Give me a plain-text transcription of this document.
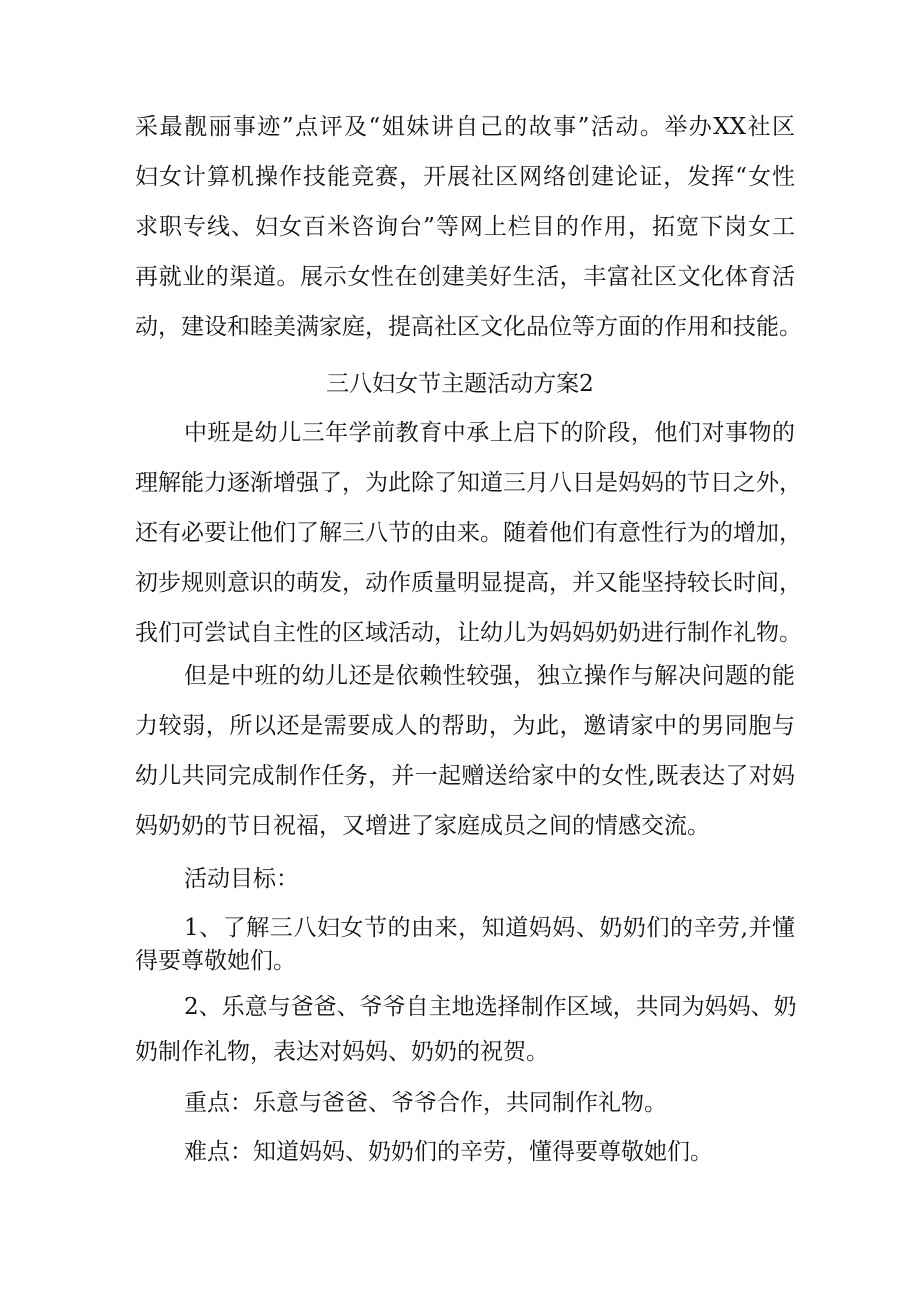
采最靓丽事迹”点评及“姐妹讲自己的故事”活动。举办XX社区
妇女计算机操作技能竞赛，开展社区网络创建论证，发挥“女性
求职专线、妇女百米咨询台”等网上栏目的作用，拓宽下岗女工
再就业的渠道。展示女性在创建美好生活，丰富社区文化体育活
动，建设和睦美满家庭，提高社区文化品位等方面的作用和技能。
三八妇女节主题活动方案2
中班是幼儿三年学前教育中承上启下的阶段，他们对事物的
理解能力逐渐增强了，为此除了知道三月八日是妈妈的节日之外，
还有必要让他们了解三八节的由来。随着他们有意性行为的增加，
初步规则意识的萌发，动作质量明显提高，并又能坚持较长时间，
我们可尝试自主性的区域活动，让幼儿为妈妈奶奶进行制作礼物。
但是中班的幼儿还是依赖性较强，独立操作与解决问题的能
力较弱，所以还是需要成人的帮助，为此，邀请家中的男同胞与
幼儿共同完成制作任务，并一起赠送给家中的女性,既表达了对妈
妈奶奶的节日祝福，又增进了家庭成员之间的情感交流。
活动目标：
1、了解三八妇女节的由来，知道妈妈、奶奶们的辛劳,并懂
得要尊敬她们。
2、乐意与爸爸、爷爷自主地选择制作区域，共同为妈妈、奶
奶制作礼物，表达对妈妈、奶奶的祝贺。
重点：乐意与爸爸、爷爷合作，共同制作礼物。
难点：知道妈妈、奶奶们的辛劳，懂得要尊敬她们。
